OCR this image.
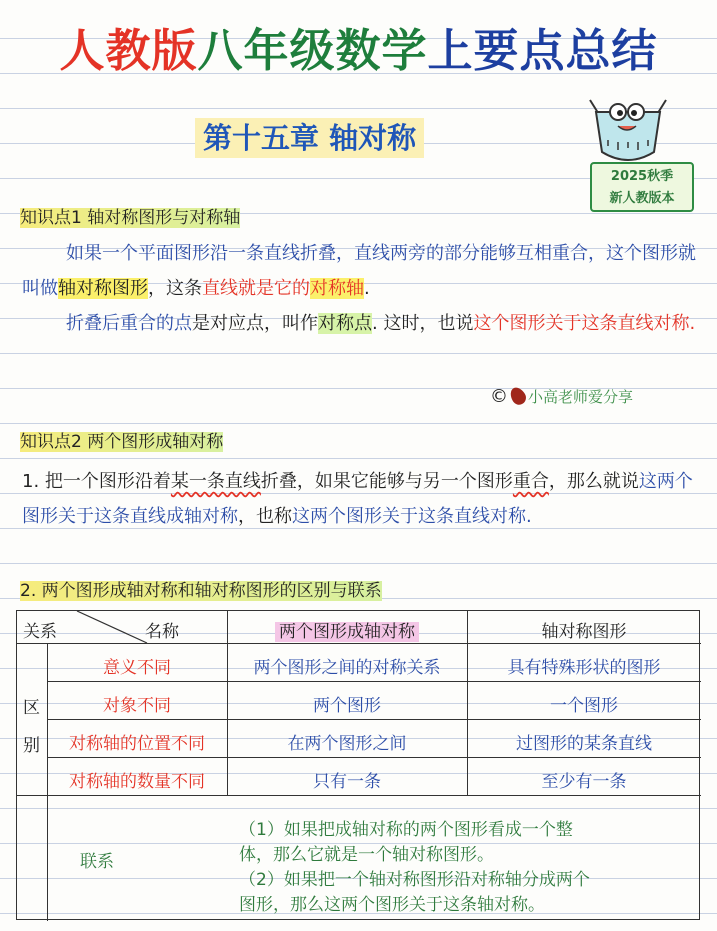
人教版八年级数学上要点总结
第十五章 轴对称
2025秋季
新人教版本
知识点1 轴对称图形与对称轴
如果一个平面图形沿一条直线折叠，直线两旁的部分能够互相重合，这个图形就叫做轴对称图形，这条直线就是它的对称轴.
折叠后重合的点是对应点，叫作对称点. 这时，也说这个图形关于这条直线对称.
© 小高老师爱分享
知识点2 两个图形成轴对称
1. 把一个图形沿着某一条直线折叠，如果它能够与另一个图形重合，那么就说这两个图形关于这条直线成轴对称，也称这两个图形关于这条直线对称.
2. 两个图形成轴对称和轴对称图形的区别与联系
关系	名称	两个图形成轴对称	轴对称图形
区
别
意义不同	两个图形之间的对称关系	具有特殊形状的图形
对象不同	两个图形	一个图形
对称轴的位置不同	在两个图形之间	过图形的某条直线
对称轴的数量不同	只有一条	至少有一条
联系
（1）如果把成轴对称的两个图形看成一个整
体，那么它就是一个轴对称图形。
（2）如果把一个轴对称图形沿对称轴分成两个
图形，那么这两个图形关于这条轴对称。
